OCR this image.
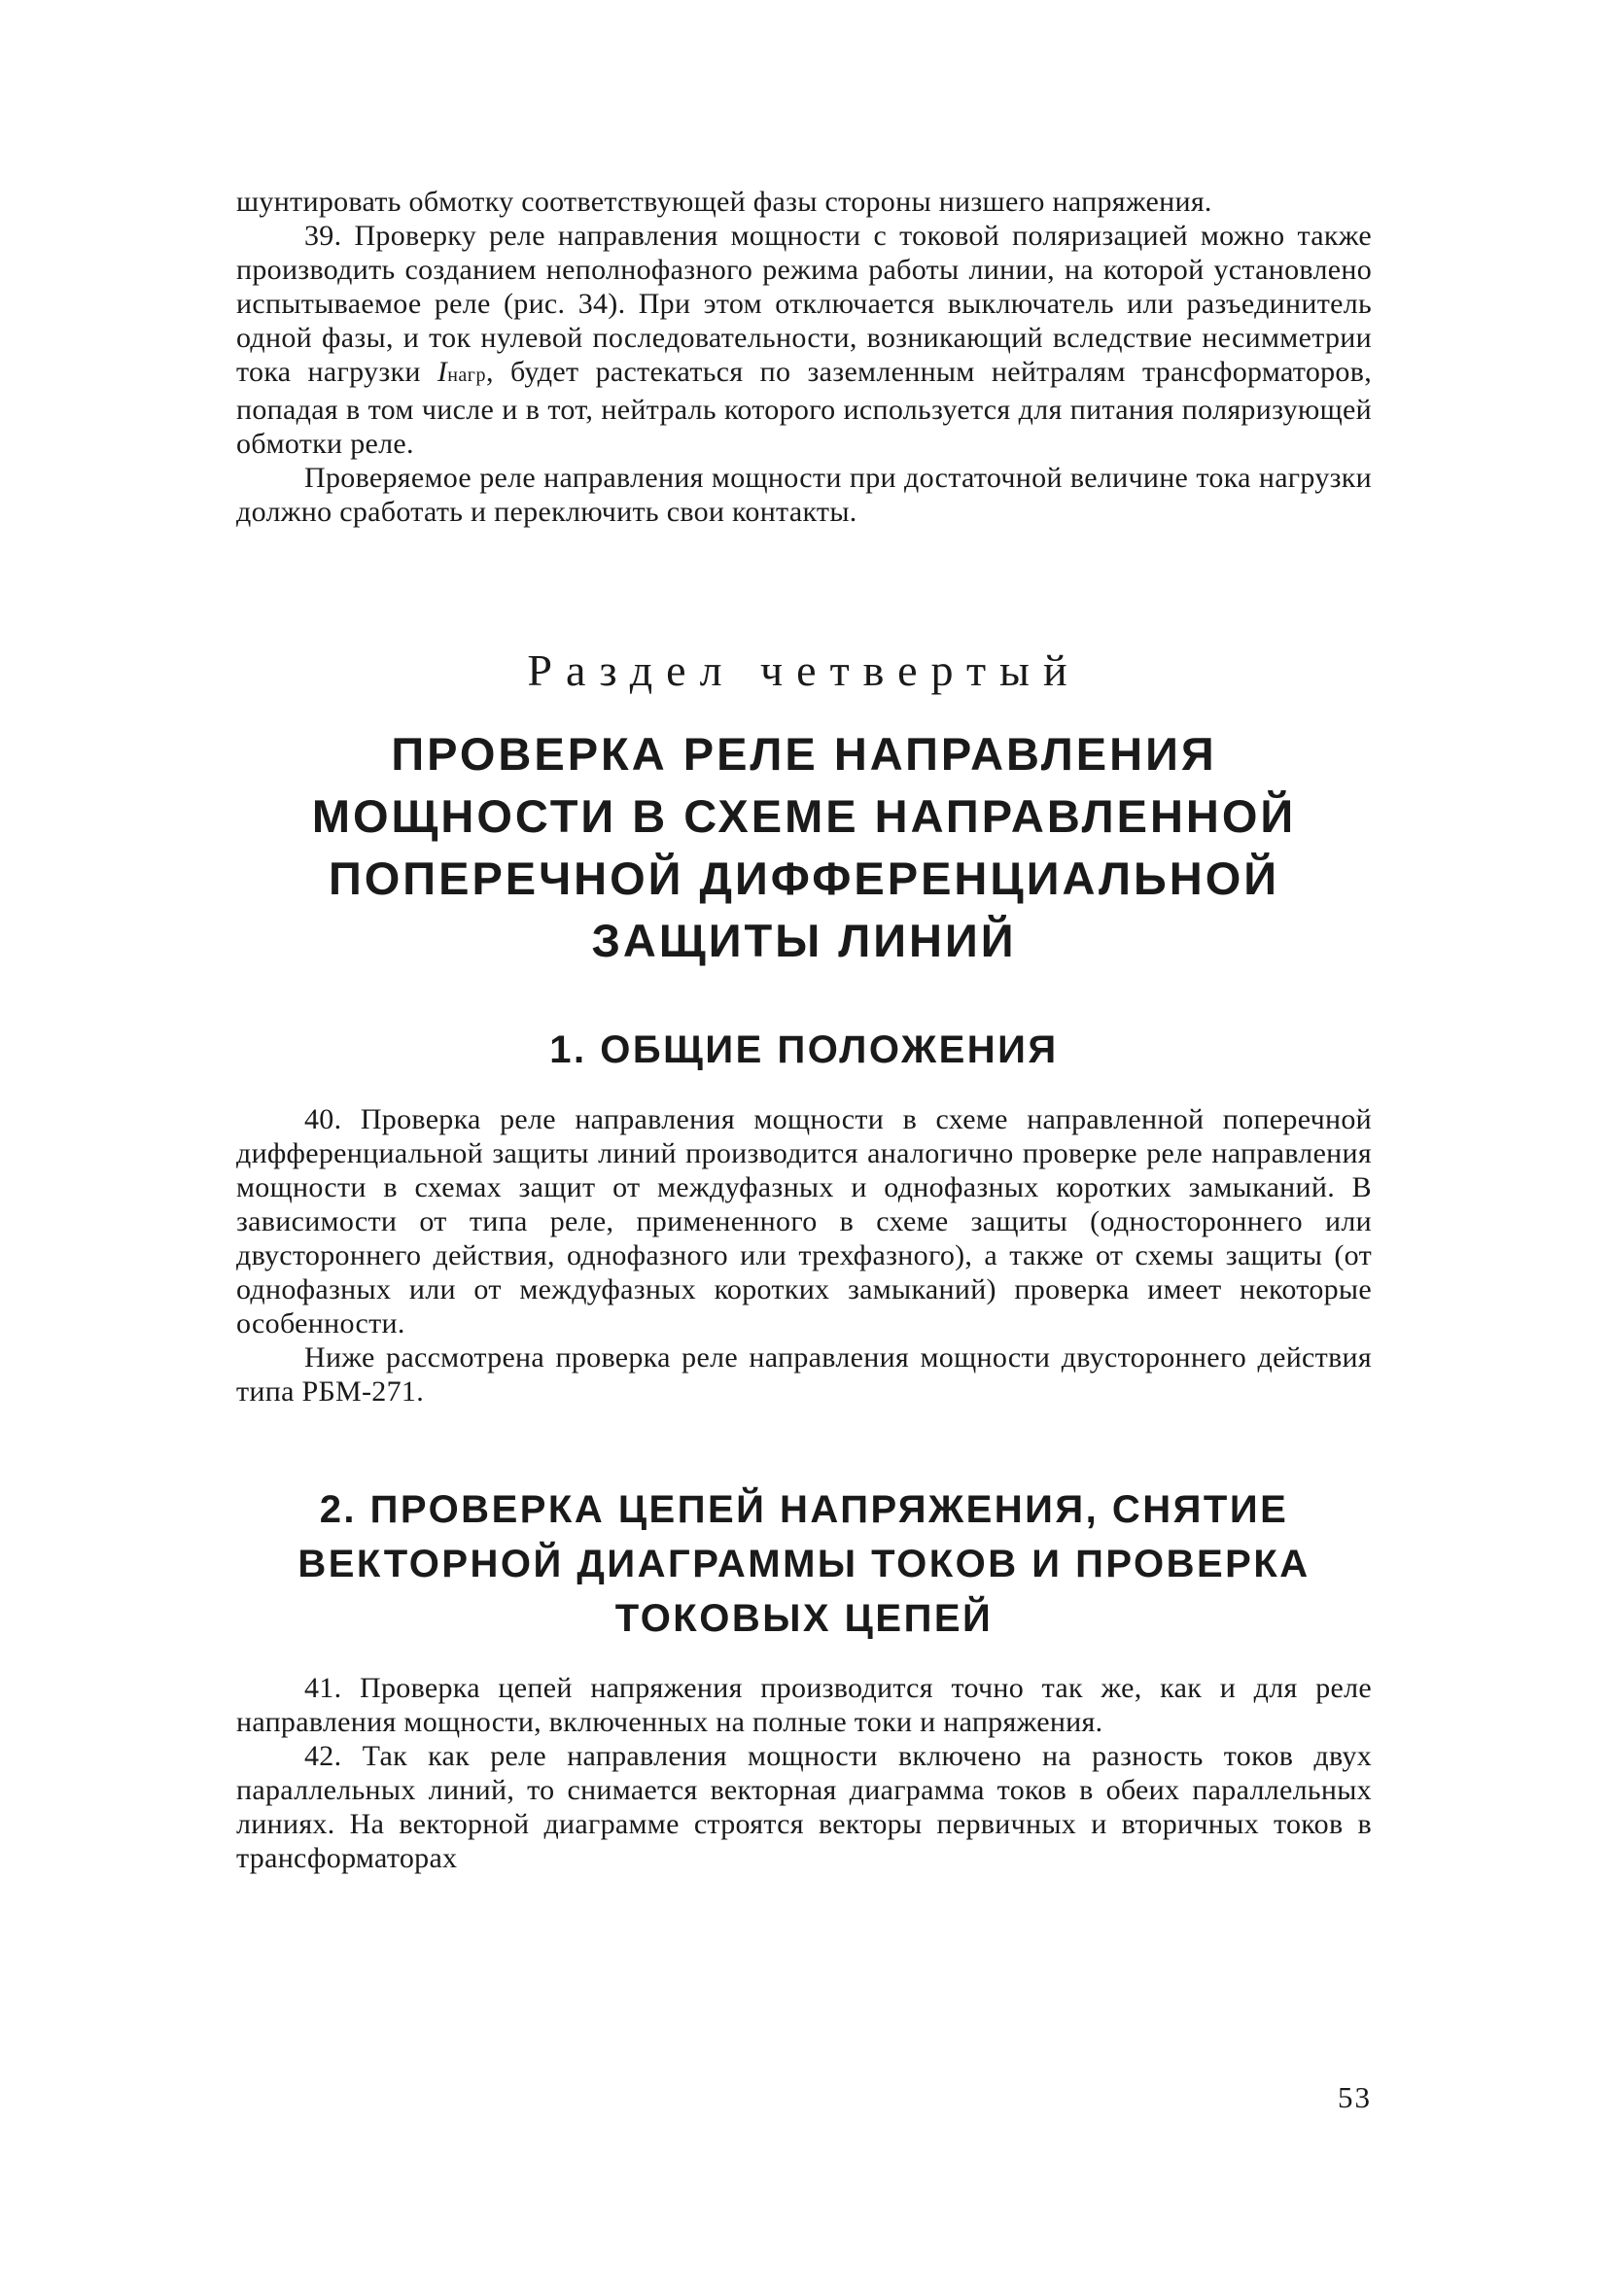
шунтировать обмотку соответствующей фазы стороны низшего напряжения.

39. Проверку реле направления мощности с токовой поляризацией можно также производить созданием неполнофазного режима работы линии, на которой установлено испытываемое реле (рис. 34). При этом отключается выключатель или разъединитель одной фазы, и ток нулевой последовательности, возникающий вследствие несимметрии тока нагрузки Iнагр, будет растекаться по заземленным нейтралям трансформаторов, попадая в том числе и в тот, нейтраль которого используется для питания поляризующей обмотки реле.

Проверяемое реле направления мощности при достаточной величине тока нагрузки должно сработать и переключить свои контакты.

Раздел четвертый
ПРОВЕРКА РЕЛЕ НАПРАВЛЕНИЯ
МОЩНОСТИ В СХЕМЕ НАПРАВЛЕННОЙ
ПОПЕРЕЧНОЙ ДИФФЕРЕНЦИАЛЬНОЙ
ЗАЩИТЫ ЛИНИЙ
1. ОБЩИЕ ПОЛОЖЕНИЯ

40. Проверка реле направления мощности в схеме направленной поперечной дифференциальной защиты линий производится аналогично проверке реле направления мощности в схемах защит от междуфазных и однофазных коротких замыканий. В зависимости от типа реле, примененного в схеме защиты (одностороннего или двустороннего действия, однофазного или трехфазного), а также от схемы защиты (от однофазных или от междуфазных коротких замыканий) проверка имеет некоторые особенности.

Ниже рассмотрена проверка реле направления мощности двустороннего действия типа РБМ-271.

2. ПРОВЕРКА ЦЕПЕЙ НАПРЯЖЕНИЯ, СНЯТИЕ
ВЕКТОРНОЙ ДИАГРАММЫ ТОКОВ И ПРОВЕРКА
ТОКОВЫХ ЦЕПЕЙ

41. Проверка цепей напряжения производится точно так же, как и для реле направления мощности, включенных на полные токи и напряжения.

42. Так как реле направления мощности включено на разность токов двух параллельных линий, то снимается векторная диаграмма токов в обеих параллельных линиях. На векторной диаграмме строятся векторы первичных и вторичных токов в трансформаторах

53
